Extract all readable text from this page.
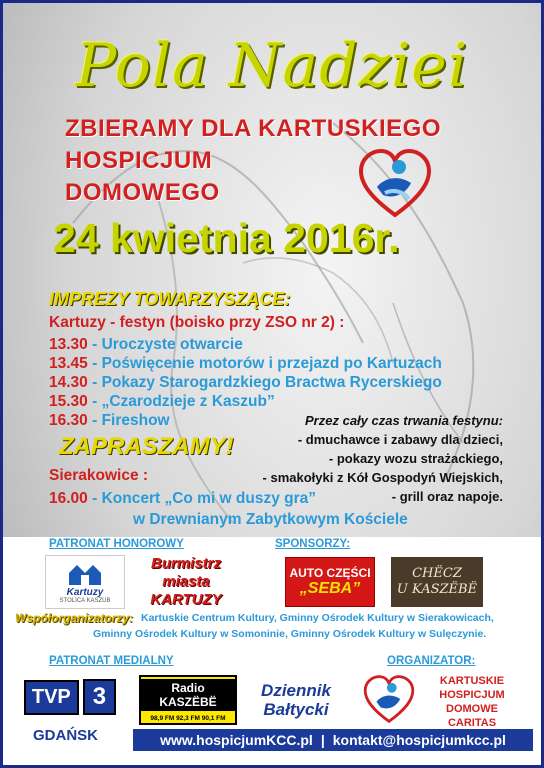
Pola Nadziei
ZBIERAMY DLA KARTUSKIEGO
HOSPICJUM
DOMOWEGO
24 kwietnia 2016r.
IMPREZY TOWARZYSZĄCE:
Kartuzy - festyn (boisko przy ZSO nr 2) :
13.30 - Uroczyste otwarcie
13.45 - Poświęcenie motorów i przejazd po Kartuzach
14.30 - Pokazy Starogardzkiego Bractwa Rycerskiego
15.30 - „Czarodzieje z Kaszub”
16.30 - Fireshow	Przez cały czas trwania festynu:
- dmuchawce i zabawy dla dzieci,
- pokazy wozu strażackiego,
- smakołyki z Kół Gospodyń Wiejskich,
- grill oraz napoje.
ZAPRASZAMY!
Sierakowice :
16.00 - Koncert „Co mi w duszy gra”
w Drewnianym Zabytkowym Kościele
PATRONAT HONOROWY	SPONSORZY:
Kartuzy
STOLICA KASZUB
Burmistrz
miasta
KARTUZY
AUTO CZĘŚCI
„SEBA”
CHËCZ
U KASZËBË
Współorganizatorzy: Kartuskie Centrum Kultury, Gminny Ośrodek Kultury w Sierakowicach,
Gminny Ośrodek Kultury w Somoninie, Gminny Ośrodek Kultury w Sulęczynie.
PATRONAT MEDIALNY	ORGANIZATOR:
TVP 3
GDAŃSK
Radio KASZËBË
98,9 FM 92,3 FM 90,1 FM
Dziennik
Bałtycki
KARTUSKIE
HOSPICJUM
DOMOWE
CARITAS
www.hospicjumKCC.pl | kontakt@hospicjumkcc.pl
